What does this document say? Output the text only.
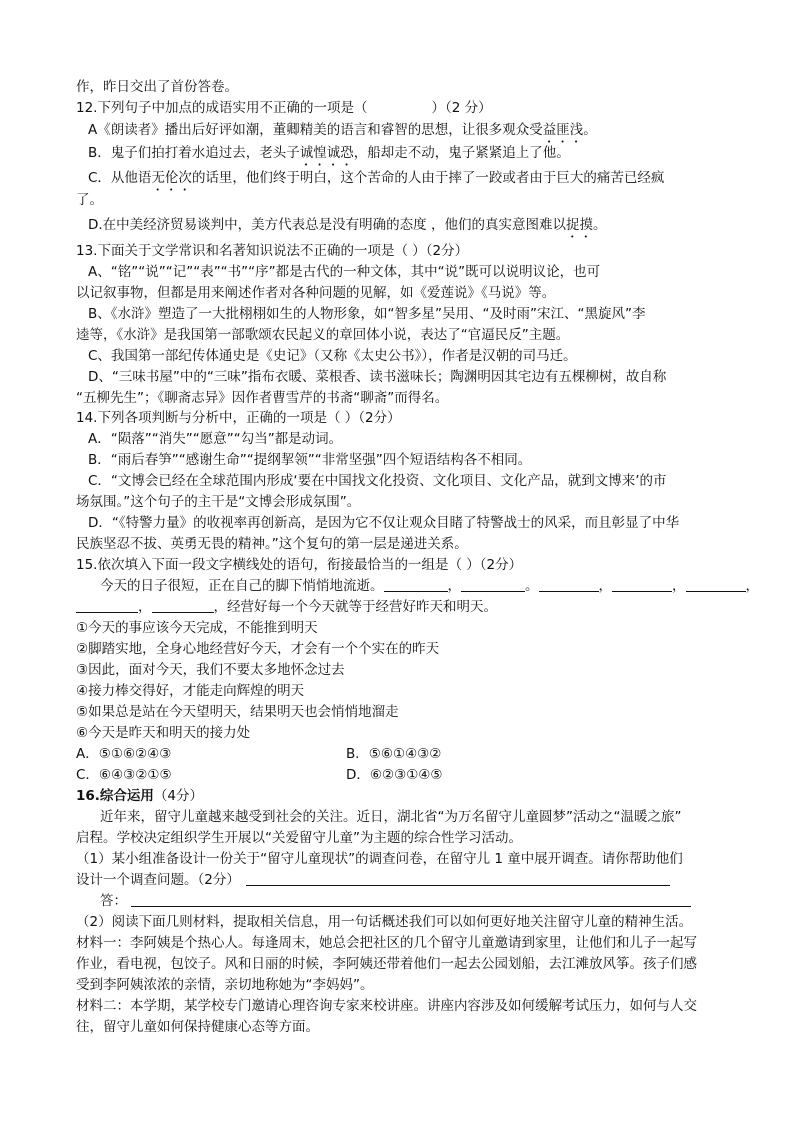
作，昨日交出了首份答卷。
12.下列句子中加点的成语实用不正确的一项是（	）（2 分）
A《朗读者》播出后好评如潮，董卿精美的语言和睿智的思想，让很多观众受益匪浅。
B．鬼子们拍打着水追过去，老头子诚惶诚恐，船却走不动，鬼子紧紧追上了他。
C．从他语无伦次的话里，他们终于明白，这个苦命的人由于摔了一跤或者由于巨大的痛苦已经疯
了。
D.在中美经济贸易谈判中，美方代表总是没有明确的态度 ，他们的真实意图难以捉摸。
13.下面关于文学常识和名著知识说法不正确的一项是（ ）（2分）
A、“铭”“说”“记”“表”“书”“序”都是古代的一种文体，其中“说”既可以说明议论，也可
以记叙事物，但都是用来阐述作者对各种问题的见解，如《爱莲说》《马说》等。
B、《水浒》塑造了一大批栩栩如生的人物形象，如“智多星”吴用、“及时雨”宋江、“黑旋风”李
逵等，《水浒》是我国第一部歌颂农民起义的章回体小说，表达了“官逼民反”主题。
C、我国第一部纪传体通史是《史记》（又称《太史公书》），作者是汉朝的司马迁。
D、“三味书屋”中的“三味”指布衣暖、菜根香、读书滋味长；陶渊明因其宅边有五棵柳树，故自称
“五柳先生”；《聊斋志异》因作者曹雪芹的书斋“聊斋”而得名。
14.下列各项判断与分析中，正确的一项是（ ）（2分）
A．“陨落”“消失”“愿意”“勾当”都是动词。
B．“雨后春笋”“感谢生命”“提纲挈领”“非常坚强”四个短语结构各不相同。
C．“文博会已经在全球范围内形成‘要在中国找文化投资、文化项目、文化产品，就到文博来’的市
场氛围。”这个句子的主干是“文博会形成氛围”。
D．“《特警力量》的收视率再创新高，是因为它不仅让观众目睹了特警战士的风采，而且彰显了中华
民族坚忍不拔、英勇无畏的精神。”这个复句的第一层是递进关系。
15.依次填入下面一段文字横线处的语句，衔接最恰当的一组是（ ）（2分）
今天的日子很短，正在自己的脚下悄悄地流逝。	，	。	，	，	，
，	，经营好每一个今天就等于经营好昨天和明天。
①今天的事应该今天完成，不能推到明天
②脚踏实地，全身心地经营好今天，才会有一个个实在的昨天
③因此，面对今天，我们不要太多地怀念过去
④接力棒交得好，才能走向辉煌的明天
⑤如果总是站在今天望明天，结果明天也会悄悄地溜走
⑥今天是昨天和明天的接力处
A．⑤①⑥②④③	B．⑤⑥①④③②
C．⑥④③②①⑤	D．⑥②③①④⑤
16.综合运用（4分）
近年来，留守儿童越来越受到社会的关注。近日，湖北省“为万名留守儿童圆梦”活动之“温暖之旅”
启程。学校决定组织学生开展以“关爱留守儿童”为主题的综合性学习活动。
（1）某小组准备设计一份关于“留守儿童现状”的调查问卷，在留守儿 1 童中展开调查。请你帮助他们
设计一个调查问题。（2分）
答：
（2）阅读下面几则材料，提取相关信息，用一句话概述我们可以如何更好地关注留守儿童的精神生活。
材料一：李阿姨是个热心人。每逢周末，她总会把社区的几个留守儿童邀请到家里，让他们和儿子一起写
作业，看电视，包饺子。风和日丽的时候，李阿姨还带着他们一起去公园划船，去江滩放风筝。孩子们感
受到李阿姨浓浓的亲情，亲切地称她为“李妈妈”。
材料二：本学期，某学校专门邀请心理咨询专家来校讲座。讲座内容涉及如何缓解考试压力，如何与人交
往，留守儿童如何保持健康心态等方面。
